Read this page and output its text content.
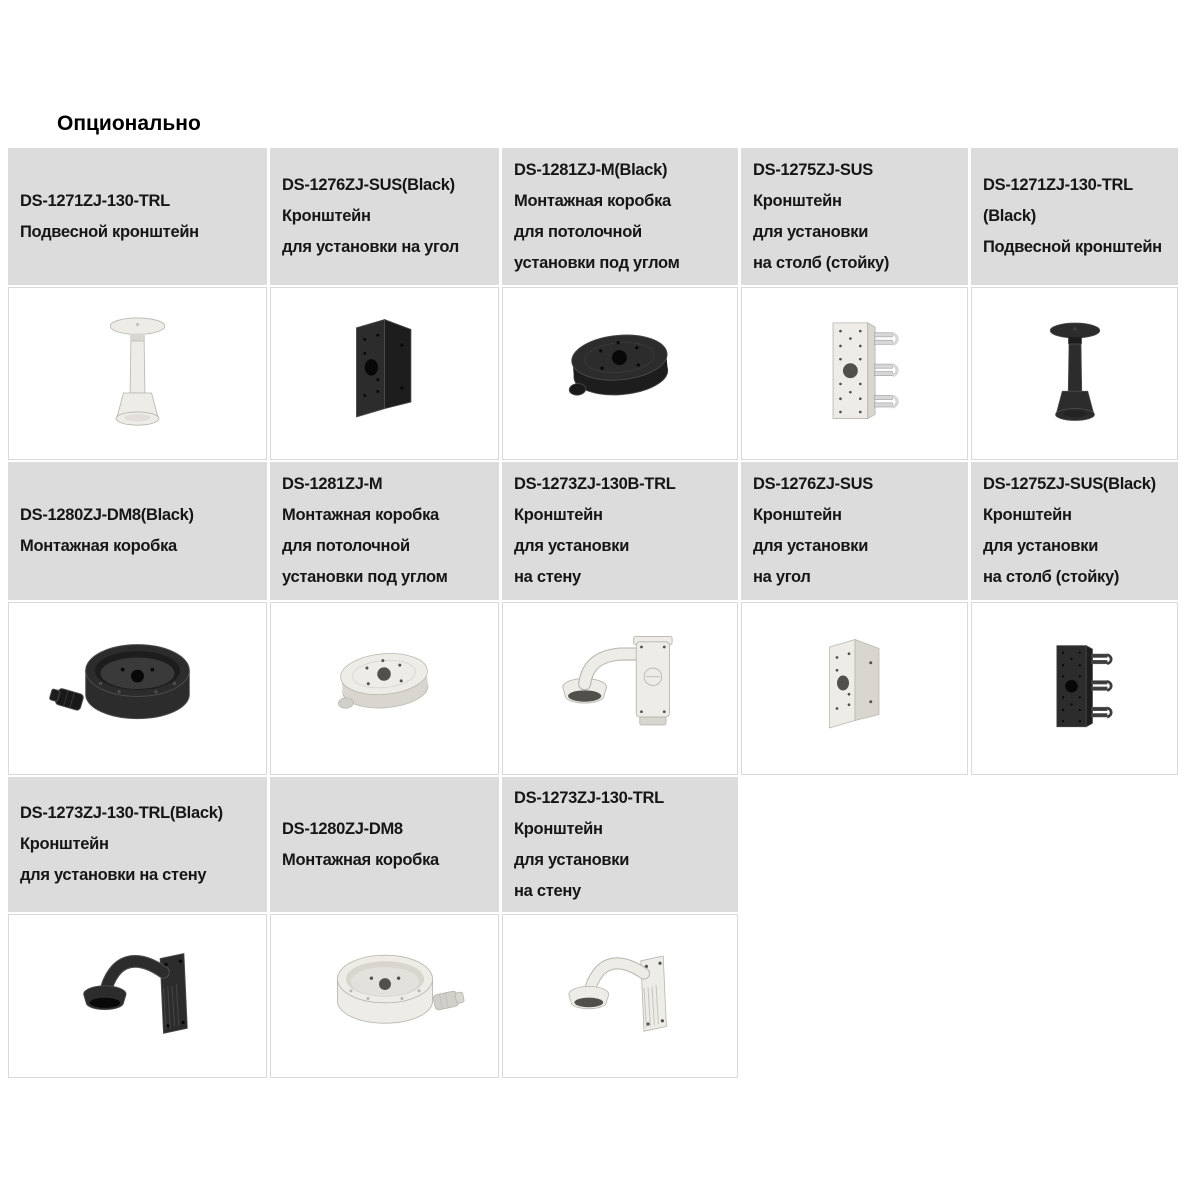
Опционально
DS-1271ZJ-130-TRL
Подвесной кронштейн
DS-1276ZJ-SUS(Black)
Кронштейн
для установки на угол
DS-1281ZJ-M(Black)
Монтажная коробка
для потолочной
установки под углом
DS-1275ZJ-SUS
Кронштейн
для установки
на столб (стойку)
DS-1271ZJ-130-TRL
(Black)
Подвесной кронштейн
DS-1280ZJ-DM8(Black)
Монтажная коробка
DS-1281ZJ-M
Монтажная коробка
для потолочной
установки под углом
DS-1273ZJ-130B-TRL
Кронштейн
для установки
на стену
DS-1276ZJ-SUS
Кронштейн
для установки
на угол
DS-1275ZJ-SUS(Black)
Кронштейн
для установки
на столб (стойку)
DS-1273ZJ-130-TRL(Black)
Кронштейн
для установки на стену
DS-1280ZJ-DM8
Монтажная коробка
DS-1273ZJ-130-TRL
Кронштейн
для установки
на стену
